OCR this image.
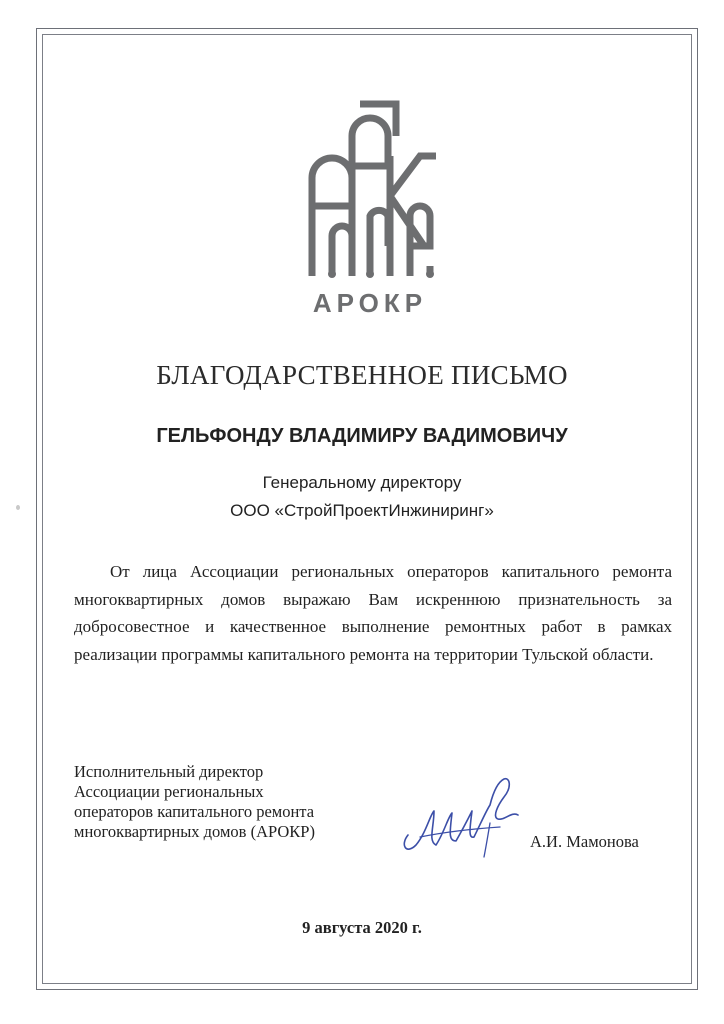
АРОКР
БЛАГОДАРСТВЕННОЕ ПИСЬМО
ГЕЛЬФОНДУ ВЛАДИМИРУ ВАДИМОВИЧУ
Генеральному директору
ООО «СтройПроектИнжиниринг»

От лица Ассоциации региональных операторов капитального ремонта многоквартирных домов выражаю Вам искреннюю признательность за добросовестное и качественное выполнение ремонтных работ в рамках реализации программы капитального ремонта на территории Тульской области.

Исполнительный директор
Ассоциации региональных
операторов капитального ремонта
многоквартирных домов (АРОКР)
А.И. Мамонова
9 августа 2020 г.
